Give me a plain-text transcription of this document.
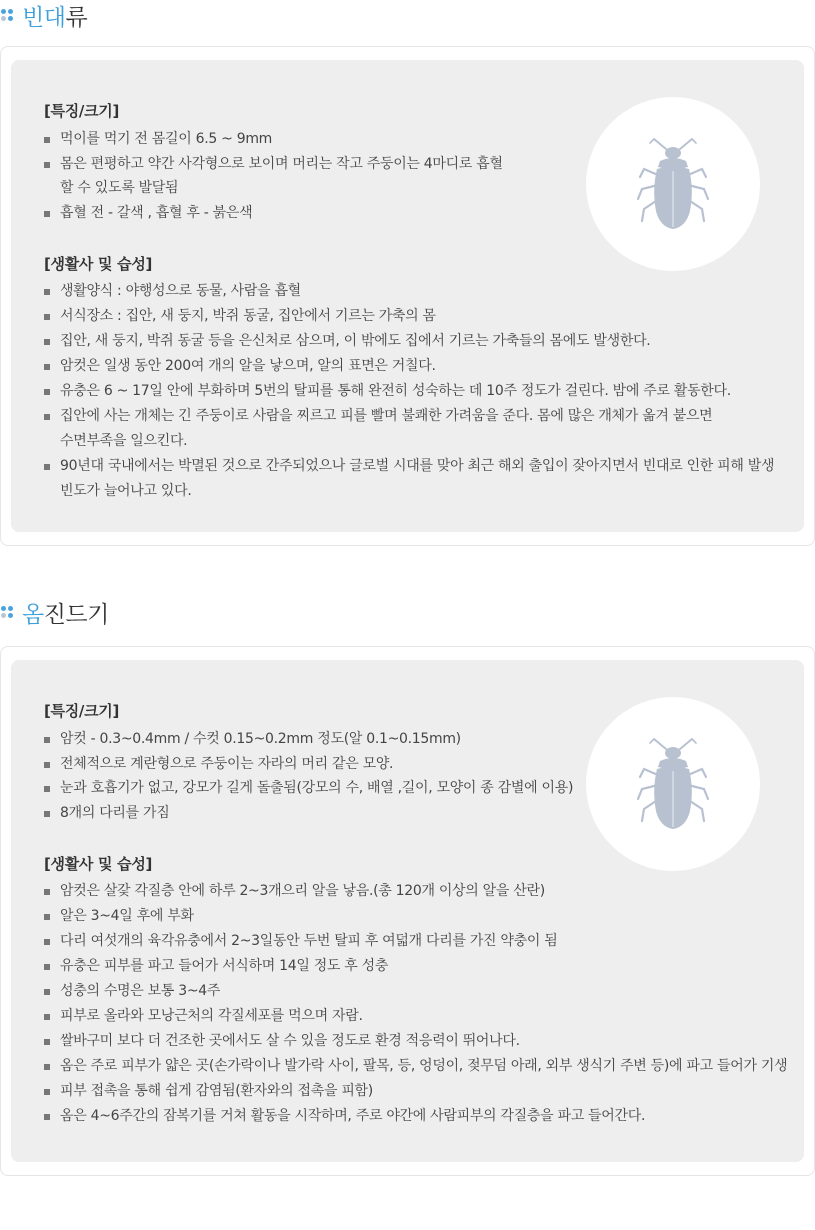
빈대류
[특징/크기]
먹이를 먹기 전 몸길이 6.5 ~ 9mm
몸은 편평하고 약간 사각형으로 보이며 머리는 작고 주둥이는 4마디로 흡혈
할 수 있도록 발달됨
흡혈 전 - 갈색 , 흡혈 후 - 붉은색
[생활사 및 습성]
생활양식 : 야행성으로 동물, 사람을 흡혈
서식장소 : 집안, 새 둥지, 박쥐 동굴, 집안에서 기르는 가축의 몸
집안, 새 둥지, 박쥐 동굴 등을 은신처로 삼으며, 이 밖에도 집에서 기르는 가축들의 몸에도 발생한다.
암컷은 일생 동안 200여 개의 알을 낳으며, 알의 표면은 거칠다.
유충은 6 ~ 17일 안에 부화하며 5번의 탈피를 통해 완전히 성숙하는 데 10주 정도가 걸린다. 밤에 주로 활동한다.
집안에 사는 개체는 긴 주둥이로 사람을 찌르고 피를 빨며 불쾌한 가려움을 준다. 몸에 많은 개체가 옮겨 붙으면
수면부족을 일으킨다.
90년대 국내에서는 박멸된 것으로 간주되었으나 글로벌 시대를 맞아 최근 해외 출입이 잦아지면서 빈대로 인한 피해 발생
빈도가 늘어나고 있다.
옴진드기
[특징/크기]
암컷 - 0.3~0.4mm / 수컷 0.15~0.2mm 정도(알 0.1~0.15mm)
전체적으로 계란형으로 주둥이는 자라의 머리 같은 모양.
눈과 호흡기가 없고, 강모가 길게 돌출됨(강모의 수, 배열 ,길이, 모양이 종 감별에 이용)
8개의 다리를 가짐
[생활사 및 습성]
암컷은 살갗 각질층 안에 하루 2~3개으리 알을 낳음.(총 120개 이상의 알을 산란)
알은 3~4일 후에 부화
다리 여섯개의 육각유충에서 2~3일동안 두번 탈피 후 여덟개 다리를 가진 약충이 됨
유충은 피부를 파고 들어가 서식하며 14일 정도 후 성충
성충의 수명은 보통 3~4주
피부로 올라와 모낭근처의 각질세포를 먹으며 자람.
쌀바구미 보다 더 건조한 곳에서도 살 수 있을 정도로 환경 적응력이 뛰어나다.
옴은 주로 피부가 얇은 곳(손가락이나 발가락 사이, 팔목, 등, 엉덩이, 젖무덤 아래, 외부 생식기 주변 등)에 파고 들어가 기생
피부 접촉을 통해 쉽게 감염됨(환자와의 접촉을 피함)
옴은 4~6주간의 잠복기를 거쳐 활동을 시작하며, 주로 야간에 사람피부의 각질층을 파고 들어간다.
